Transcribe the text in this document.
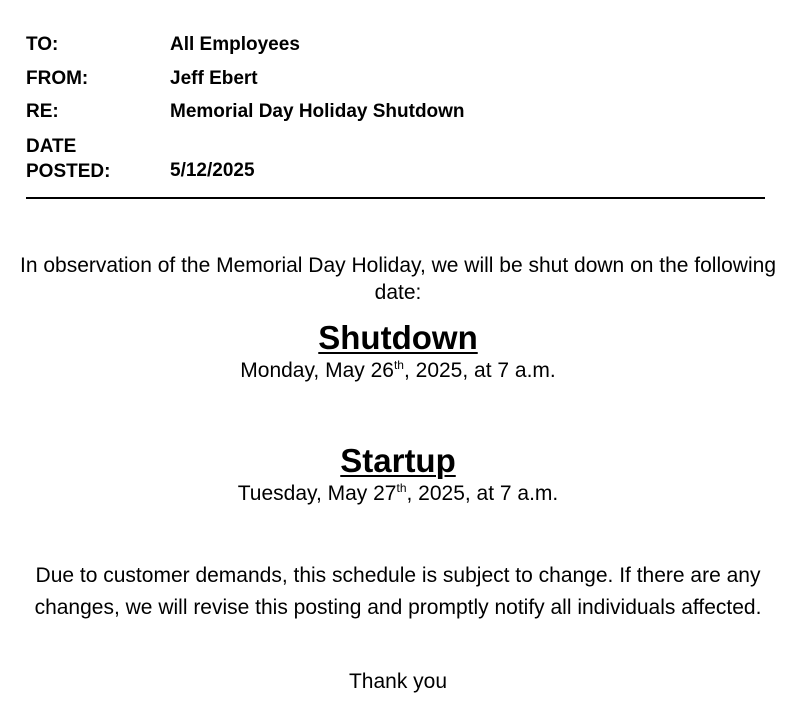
TO:	All Employees
FROM:	Jeff Ebert
RE:	Memorial Day Holiday Shutdown
DATE
POSTED:	5/12/2025
In observation of the Memorial Day Holiday, we will be shut down on the following date:
Shutdown
Monday, May 26th, 2025, at 7 a.m.
Startup
Tuesday, May 27th, 2025, at 7 a.m.
Due to customer demands, this schedule is subject to change. If there are any changes, we will revise this posting and promptly notify all individuals affected.
Thank you
